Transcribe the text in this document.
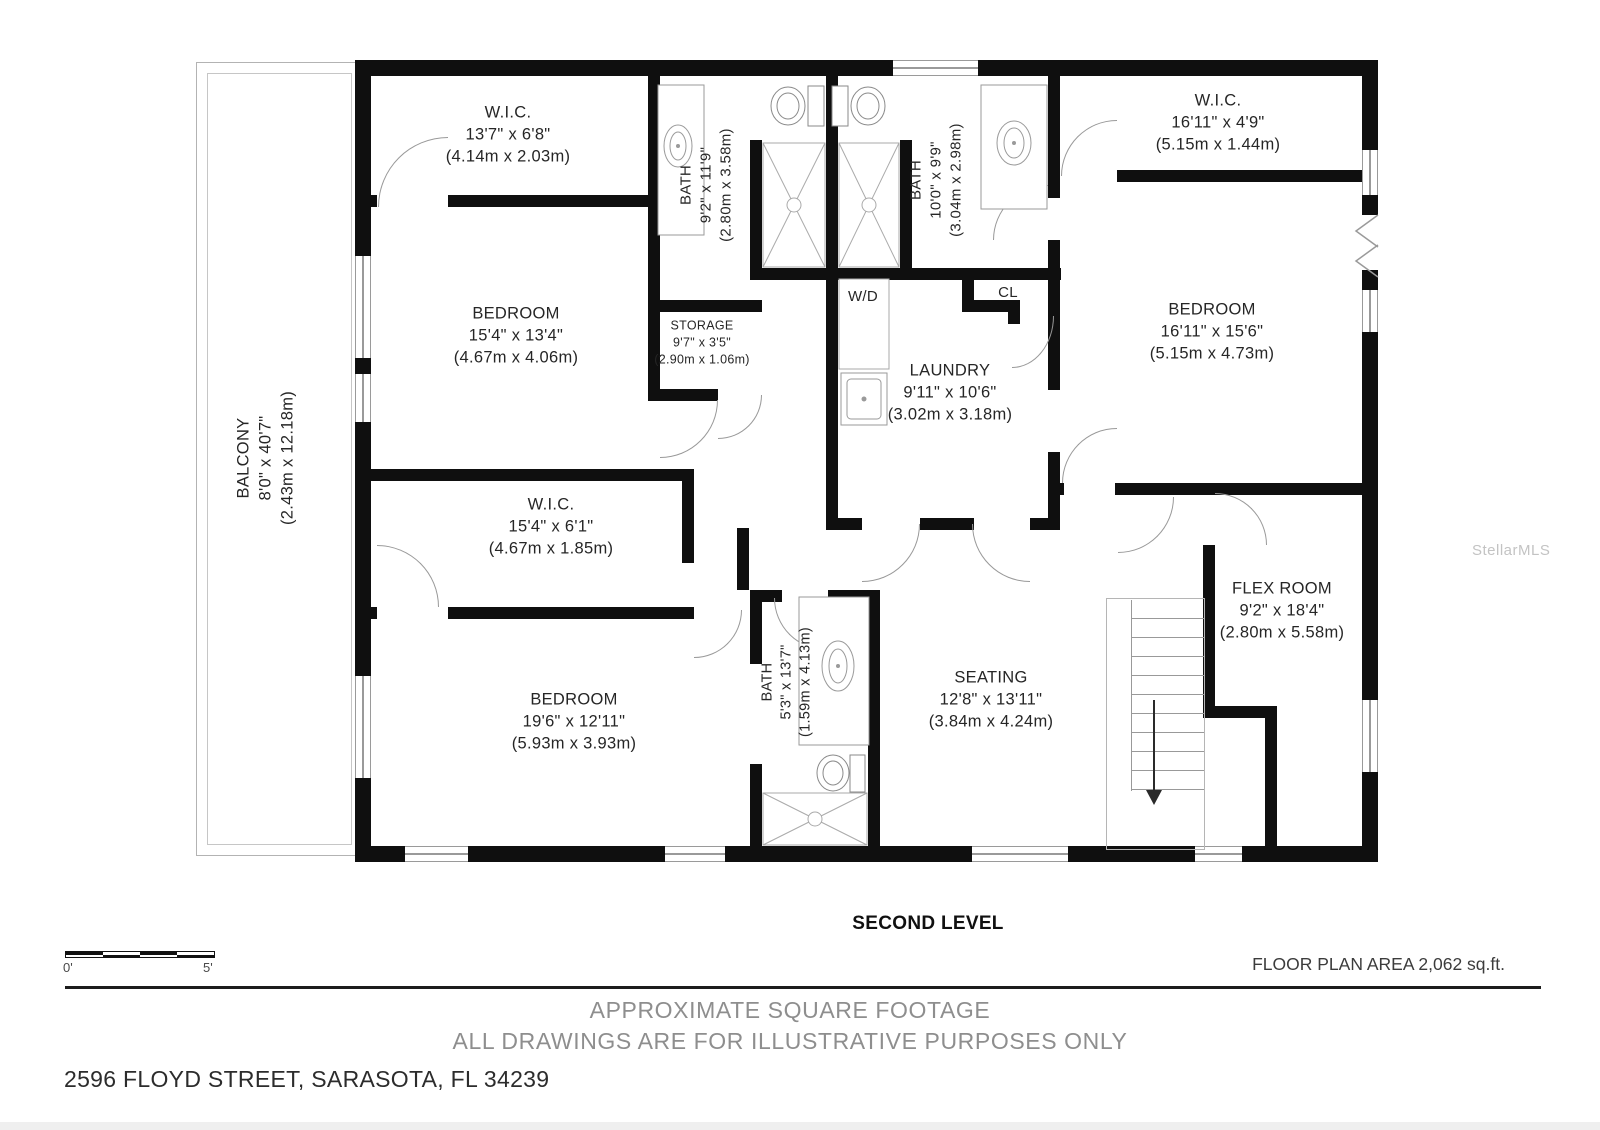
W.I.C.
13'7" x 6'8"
(4.14m x 2.03m)
BATH 9'2" x 11'9" (2.80m x 3.58m)	BATH 10'0" x 9'9" (3.04m x 2.98m)
W.I.C.
16'11" x 4'9"
(5.15m x 1.44m)
BEDROOM
15'4" x 13'4"
(4.67m x 4.06m)
STORAGE
9'7" x 3'5"
(2.90m x 1.06m)
W/D	CL
LAUNDRY
9'11" x 10'6"
(3.02m x 3.18m)
BEDROOM
16'11" x 15'6"
(5.15m x 4.73m)
W.I.C.
15'4" x 6'1"
(4.67m x 1.85m)
BEDROOM
19'6" x 12'11"
(5.93m x 3.93m)
BATH 5'3" x 13'7" (1.59m x 4.13m)	SEATING
12'8" x 13'11"
(3.84m x 4.24m)
FLEX ROOM
9'2" x 18'4"
(2.80m x 5.58m)
BALCONY 8'0" x 40'7" (2.43m x 12.18m)
SECOND LEVEL
FLOOR PLAN AREA 2,062 sq.ft.
0'	5'
APPROXIMATE SQUARE FOOTAGE
ALL DRAWINGS ARE FOR ILLUSTRATIVE PURPOSES ONLY
2596 FLOYD STREET, SARASOTA, FL 34239
StellarMLS
